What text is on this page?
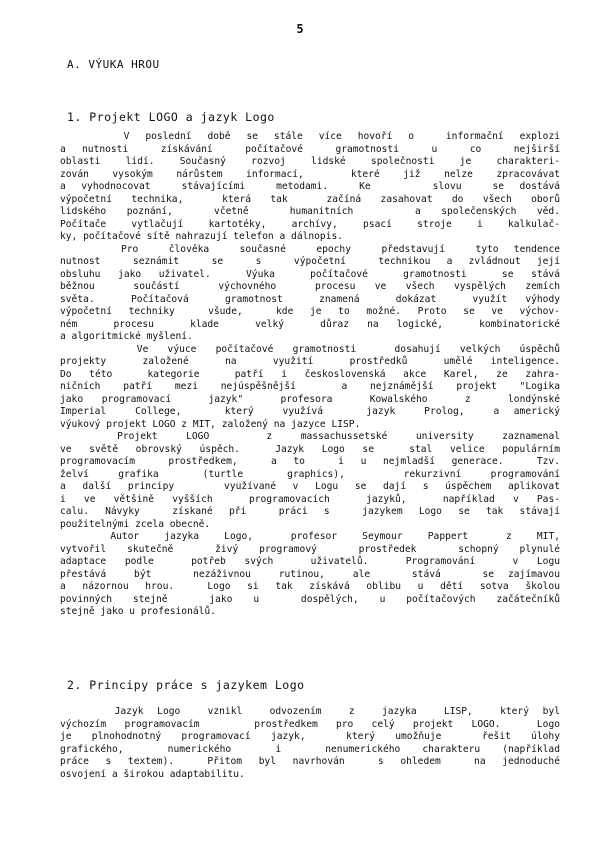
5
A. VÝUKA HROU
1. Projekt LOGO a jazyk Logo
V poslední době se stále více hovoří o  informační explozi
a nutnosti  získávání  počítačové  gramotnosti  u  co  nejširší
oblasti lidí. Současný rozvoj lidské společnosti je charakteri-
zován vysokým nárůstem informací,  které již nelze zpracovávat
a vyhodnocovat  stávajícími  metodami.  Ke    slovu  se dostává
výpočetní technika,  která tak  začíná zasahovat do všech oborů
lidského poznání,  včetně  humanitních   a společenských věd.
Počítače vytlačují kartotéky, archívy, psací stroje i kalkulač-
ky, počítačové sítě nahrazují telefon a dálnopis.
Pro  člověka  současné  epochy  představují  tyto tendence
nutnost  seznámit  se  s  výpočetní  technikou a zvládnout její
obsluhu jako uživatel.  Výuka  počítačové  gramotnosti  se stává
běžnou  součástí  výchovného  procesu ve všech vyspělých zemích
světa.  Počítačová  gramotnost  znamená  dokázat  využít výhody
výpočetní techniky  všude,  kde je to možné. Proto se ve výchov-
ném  procesu  klade  velký  důraz na logické,  kombinatorické
a algoritmické myšlení.
Ve výuce počítačové gramotnosti  dosahují velkých úspěchů
projekty  založené  na  využití  prostředků  umělé inteligence.
Do této  kategorie  patří i československá akce Karel, ze zahra-
ničních patří mezi nejúspěšnější  a nejznámější projekt "Logika
jako programovací  jazyk"  profesora  Kowalského  z  londýnské
Imperial  College,   který  využívá   jazyk  Prolog,  a americký
výukový projekt LOGO z MIT, založený na jazyce LISP.
Projekt  LOGO    z  massachussetské  university  zaznamenal
ve světě obrovský úspěch.  Jazyk Logo se  stal velice populárním
programovacím  prostředkem,  a to  i u nejmladší generace.  Tzv.
želví  grafika   (turtle   graphics),    rekurzivní  programování
a další principy   využívané v Logu se dají s úspěchem aplikovat
i ve většině vyšších  programovacích  jazyků,  například v Pas-
calu. Návyky  získané při  práci s  jazykem Logo se tak stávají
použitelnými zcela obecně.
Autor  jazyka  Logo,   profesor  Seymour  Pappert   z  MIT,
vytvořil skutečně  živý programový  prostředek  schopný plynulé
adaptace podle  potřeb svých  uživatelů.  Programování  v Logu
přestává  být   nezáživnou  rutinou,  ale   stává   se zajímavou
a názornou hrou.  Logo si tak získává oblibu u dětí sotva školou
povinných stejně  jako u  dospělých, u počítačových začátečníků
stejně jako u profesionálů.
2. Principy práce s jazykem Logo
Jazyk Logo  vznikl  odvozením  z  jazyka  LISP,  který byl
výchozím programovacím   prostředkem pro celý projekt LOGO.  Logo
je plnohodnotný programovací jazyk,  který umožňuje  řešit úlohy
grafického,  numerického  i  nenumerického charakteru (například
práce s textem).  Přitom byl navrhován  s ohledem  na jednoduché
osvojení a širokou adaptabilitu.
